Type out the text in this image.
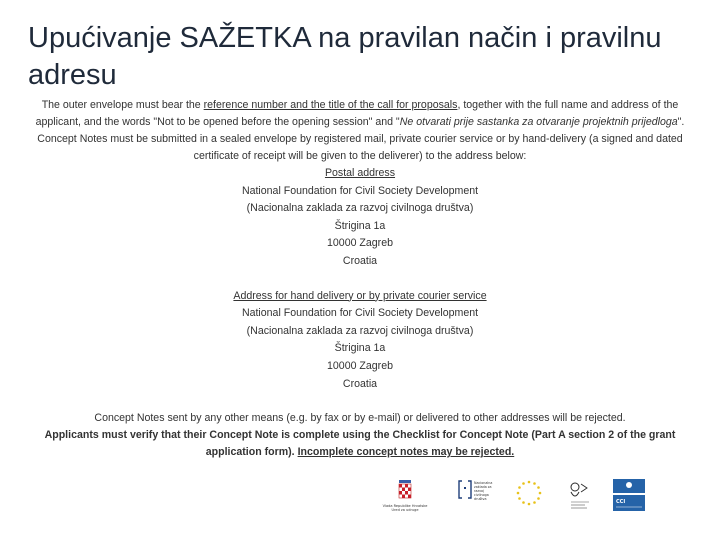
Upućivanje SAŽETKA na pravilan način i pravilnu adresu

The outer envelope must bear the reference number and the title of the call for proposals, together with the full name and address of the applicant, and the words "Not to be opened before the opening session" and "Ne otvarati prije sastanka za otvaranje projektnih prijedloga".

Concept Notes must be submitted in a sealed envelope by registered mail, private courier service or by hand-delivery (a signed and dated certificate of receipt will be given to the deliverer) to the address below:

Postal address
National Foundation for Civil Society Development
(Nacionalna zaklada za razvoj civilnoga društva)
Štrigina 1a
10000 Zagreb
Croatia
Address for hand delivery or by private courier service
National Foundation for Civil Society Development
(Nacionalna zaklada za razvoj civilnoga društva)
Štrigina 1a
10000 Zagreb
Croatia

Concept Notes sent by any other means (e.g. by fax or by e-mail) or delivered to other addresses will be rejected.

Applicants must verify that their Concept Note is complete using the Checklist for Concept Note (Part A section 2 of the grant application form). Incomplete concept notes may be rejected.

Vlada Republike Hrvatske Ured za udruge
Nacionalna
zaklada za
razvoj
civilnoga
društva	CCI
